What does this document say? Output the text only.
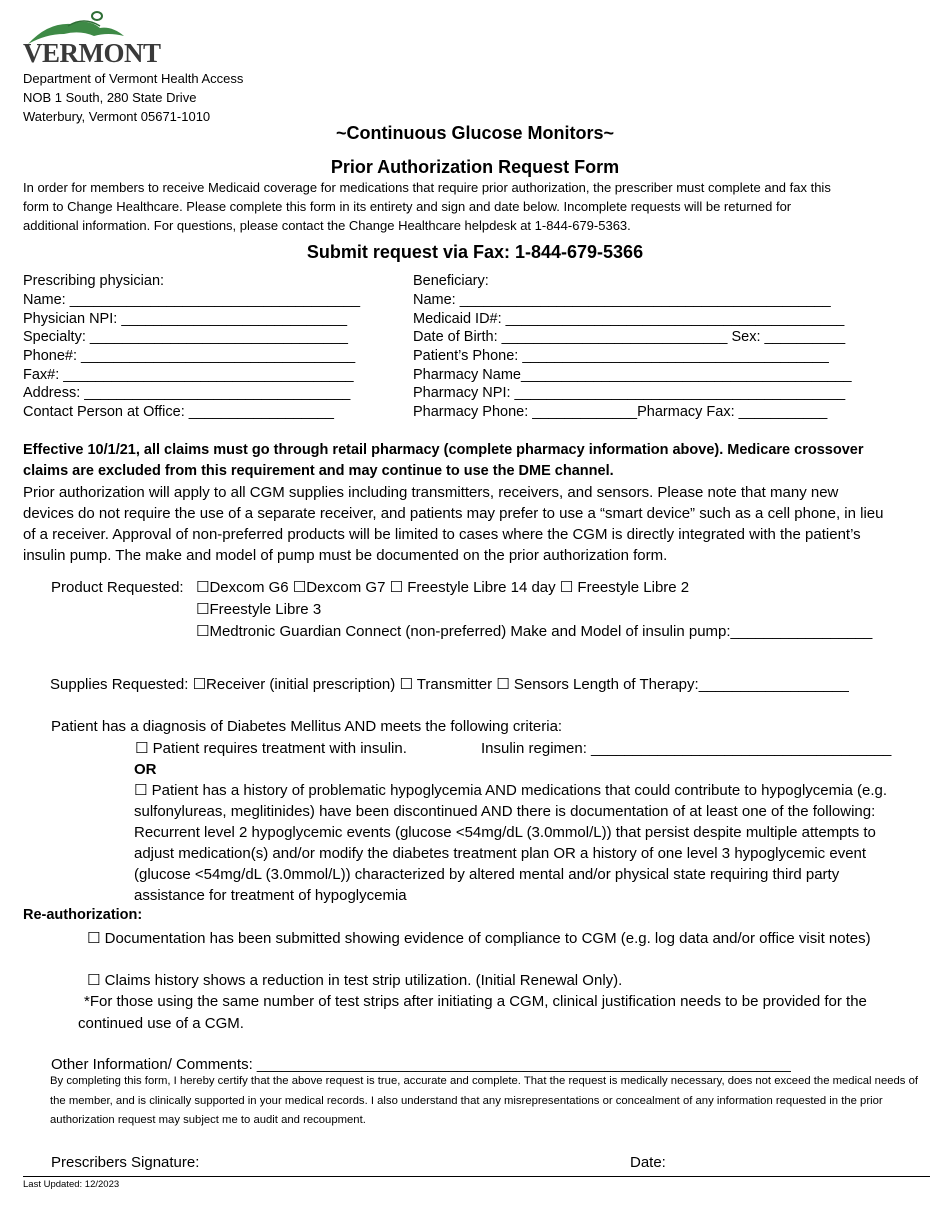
VERMONT
Department of Vermont Health Access
NOB 1 South, 280 State Drive
Waterbury, Vermont 05671-1010
~Continuous Glucose Monitors~
Prior Authorization Request Form
In order for members to receive Medicaid coverage for medications that require prior authorization, the prescriber must complete and fax this
form to Change Healthcare. Please complete this form in its entirety and sign and date below. Incomplete requests will be returned for
additional information. For questions, please contact the Change Healthcare helpdesk at 1-844-679-5363.
Submit request via Fax: 1-844-679-5366
Prescribing physician:
Name: ____________________________________
Physician NPI: ____________________________
Specialty: ________________________________
Phone#: __________________________________
Fax#: ____________________________________
Address: _________________________________
Contact Person at Office: __________________
Beneficiary:
Name: ______________________________________________
Medicaid ID#: __________________________________________
Date of Birth: ____________________________ Sex: __________
Patient’s Phone: ______________________________________
Pharmacy Name_________________________________________
Pharmacy NPI: _________________________________________
Pharmacy Phone: _____________Pharmacy Fax: ___________
Effective 10/1/21, all claims must go through retail pharmacy (complete pharmacy information above). Medicare crossover
claims are excluded from this requirement and may continue to use the DME channel.
Prior authorization will apply to all CGM supplies including transmitters, receivers, and sensors. Please note that many new
devices do not require the use of a separate receiver, and patients may prefer to use a “smart device” such as a cell phone, in lieu
of a receiver. Approval of non-preferred products will be limited to cases where the CGM is directly integrated with the patient’s
insulin pump. The make and model of pump must be documented on the prior authorization form.
Product Requested: ☐Dexcom G6 ☐Dexcom G7 ☐ Freestyle Libre 14 day ☐ Freestyle Libre 2
☐Freestyle Libre 3
☐Medtronic Guardian Connect (non-preferred) Make and Model of insulin pump:_________________
Supplies Requested: ☐Receiver (initial prescription) ☐ Transmitter ☐ Sensors Length of Therapy:__________________
Patient has a diagnosis of Diabetes Mellitus AND meets the following criteria:
☐ Patient requires treatment with insulin.	Insulin regimen: ____________________________________
OR
☐ Patient has a history of problematic hypoglycemia AND medications that could contribute to hypoglycemia (e.g.
sulfonylureas, meglitinides) have been discontinued AND there is documentation of at least one of the following:
Recurrent level 2 hypoglycemic events (glucose <54mg/dL (3.0mmol/L)) that persist despite multiple attempts to
adjust medication(s) and/or modify the diabetes treatment plan OR a history of one level 3 hypoglycemic event
(glucose <54mg/dL (3.0mmol/L)) characterized by altered mental and/or physical state requiring third party
assistance for treatment of hypoglycemia
Re-authorization:
☐ Documentation has been submitted showing evidence of compliance to CGM (e.g. log data and/or office visit notes)
☐ Claims history shows a reduction in test strip utilization. (Initial Renewal Only).
*For those using the same number of test strips after initiating a CGM, clinical justification needs to be provided for the
continued use of a CGM.
Other Information/ Comments: ________________________________________________________________
By completing this form, I hereby certify that the above request is true, accurate and complete. That the request is medically necessary, does not exceed the medical needs of the member, and is clinically supported in your medical records. I also understand that any misrepresentations or concealment of any information requested in the prior authorization request may subject me to audit and recoupment.
Prescribers Signature:	Date:
Last Updated: 12/2023
